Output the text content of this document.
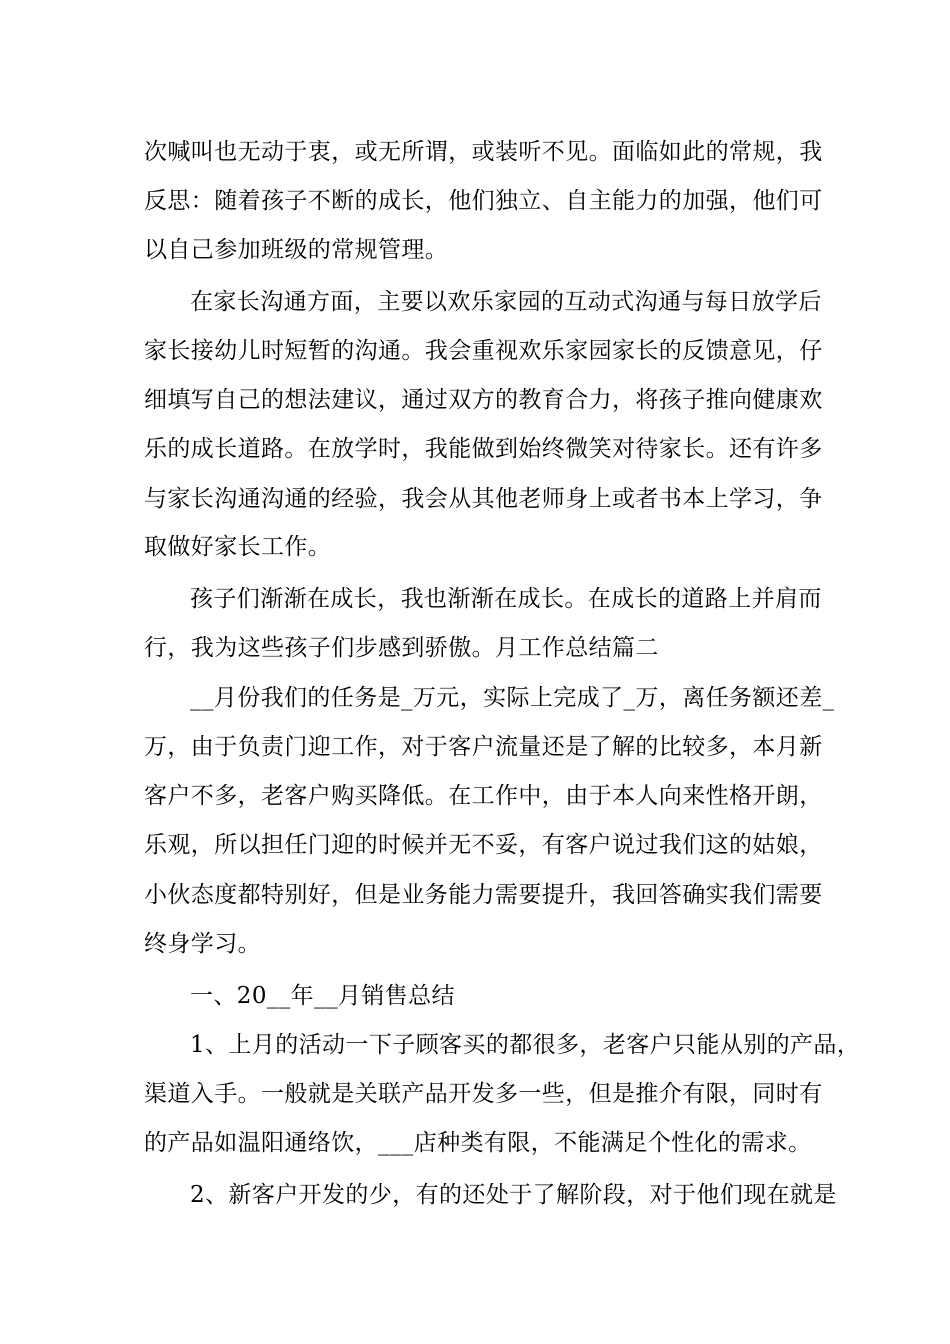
次喊叫也无动于衷，或无所谓，或装听不见。面临如此的常规，我
反思：随着孩子不断的成长，他们独立、自主能力的加强，他们可
以自己参加班级的常规管理。
在家长沟通方面，主要以欢乐家园的互动式沟通与每日放学后
家长接幼儿时短暂的沟通。我会重视欢乐家园家长的反馈意见，仔
细填写自己的想法建议，通过双方的教育合力，将孩子推向健康欢
乐的成长道路。在放学时，我能做到始终微笑对待家长。还有许多
与家长沟通沟通的经验，我会从其他老师身上或者书本上学习，争
取做好家长工作。
孩子们渐渐在成长，我也渐渐在成长。在成长的道路上并肩而
行，我为这些孩子们步感到骄傲。月工作总结篇二
__月份我们的任务是_万元，实际上完成了_万，离任务额还差_
万，由于负责门迎工作，对于客户流量还是了解的比较多，本月新
客户不多，老客户购买降低。在工作中，由于本人向来性格开朗，
乐观，所以担任门迎的时候并无不妥，有客户说过我们这的姑娘，
小伙态度都特别好，但是业务能力需要提升，我回答确实我们需要
终身学习。
一、20__年__月销售总结
1、上月的活动一下子顾客买的都很多，老客户只能从别的产品，
渠道入手。一般就是关联产品开发多一些，但是推介有限，同时有
的产品如温阳通络饮，___店种类有限，不能满足个性化的需求。
2、新客户开发的少，有的还处于了解阶段，对于他们现在就是
